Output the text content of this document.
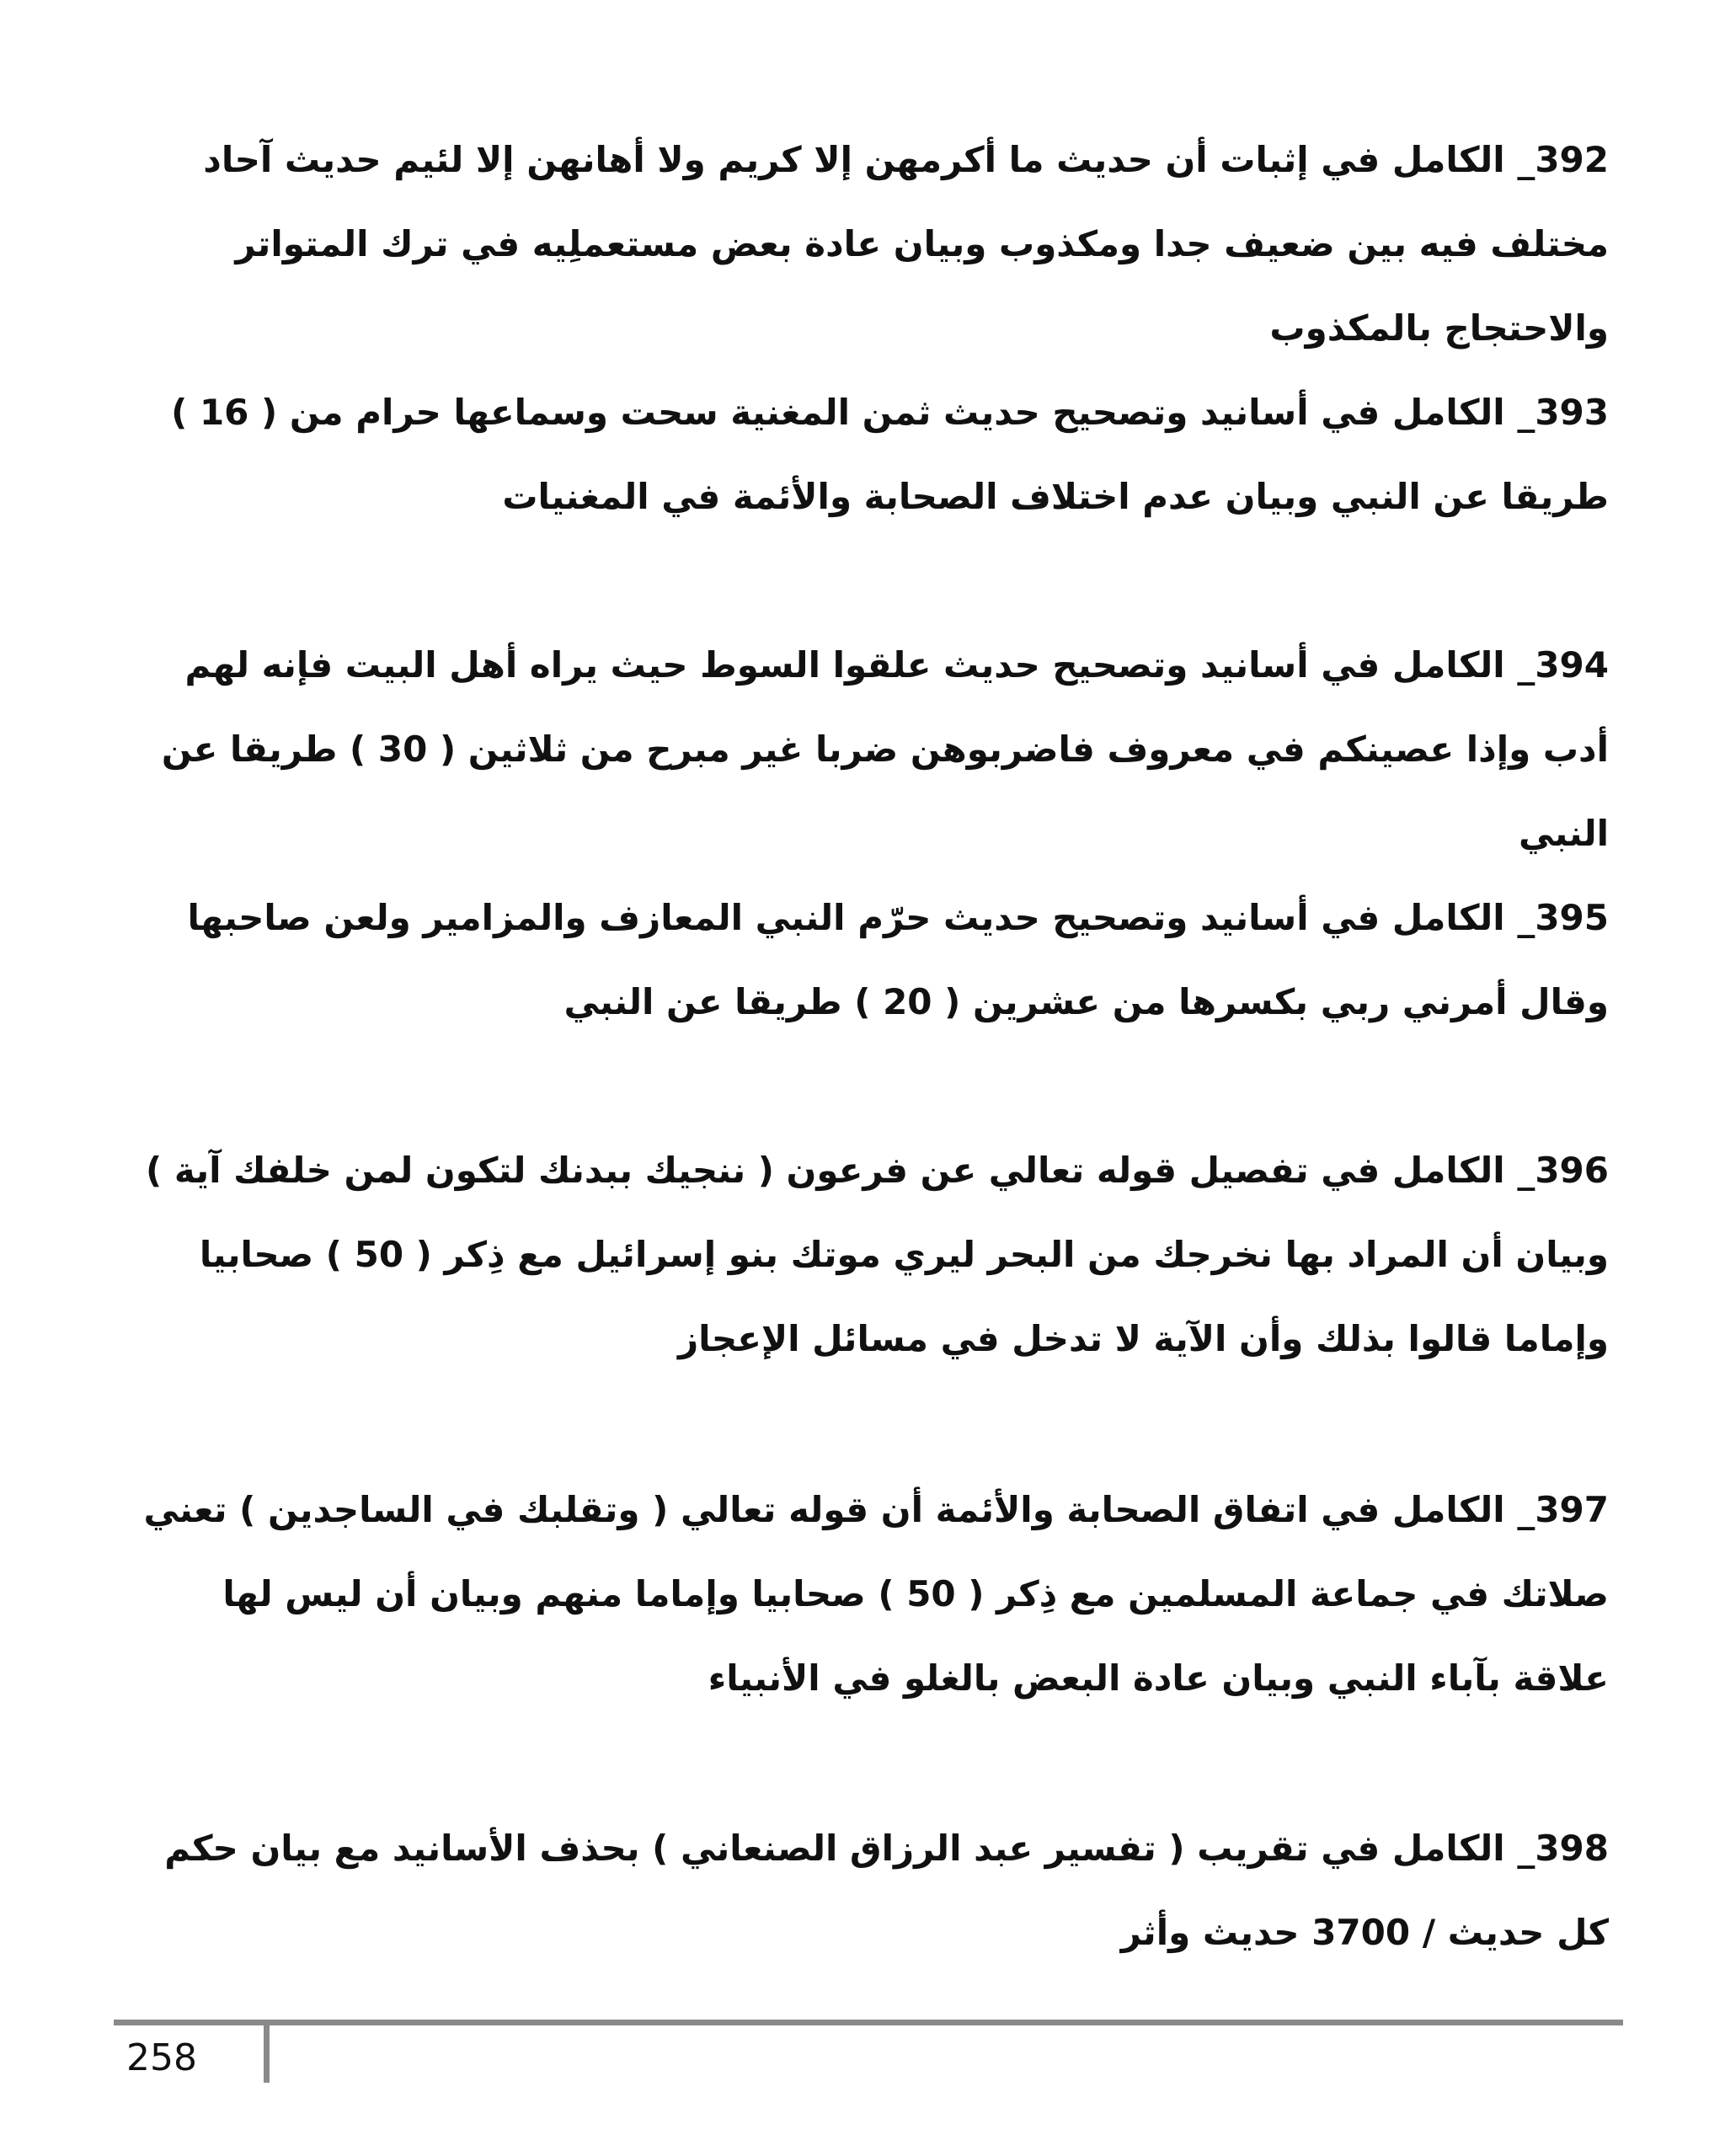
392_ الكامل في إثبات أن حديث ما أكرمهن إلا كريم ولا أهانهن إلا لئيم حديث آحاد مختلف فيه بين ضعيف جدا ومكذوب وبيان عادة بعض مستعملِيه في ترك المتواتر والاحتجاج بالمكذوب

393_ الكامل في أسانيد وتصحيح حديث ثمن المغنية سحت وسماعها حرام من ( 16 ) طريقا عن النبي وبيان عدم اختلاف الصحابة والأئمة في المغنيات

394_ الكامل في أسانيد وتصحيح حديث علقوا السوط حيث يراه أهل البيت فإنه لهم أدب وإذا عصينكم في معروف فاضربوهن ضربا غير مبرح من ثلاثين ( 30 ) طريقا عن النبي

395_ الكامل في أسانيد وتصحيح حديث حرّم النبي المعازف والمزامير ولعن صاحبها وقال أمرني ربي بكسرها من عشرين ( 20 ) طريقا عن النبي

396_ الكامل في تفصيل قوله تعالي عن فرعون ( ننجيك ببدنك لتكون لمن خلفك آية ) وبيان أن المراد بها نخرجك من البحر ليري موتك بنو إسرائيل مع ذِكر ( 50 ) صحابيا وإماما قالوا بذلك وأن الآية لا تدخل في مسائل الإعجاز

397_ الكامل في اتفاق الصحابة والأئمة أن قوله تعالي ( وتقلبك في الساجدين ) تعني صلاتك في جماعة المسلمين مع ذِكر ( 50 ) صحابيا وإماما منهم وبيان أن ليس لها علاقة بآباء النبي وبيان عادة البعض بالغلو في الأنبياء

398_ الكامل في تقريب ( تفسير عبد الرزاق الصنعاني ) بحذف الأسانيد مع بيان حكم كل حديث / 3700 حديث وأثر

258
